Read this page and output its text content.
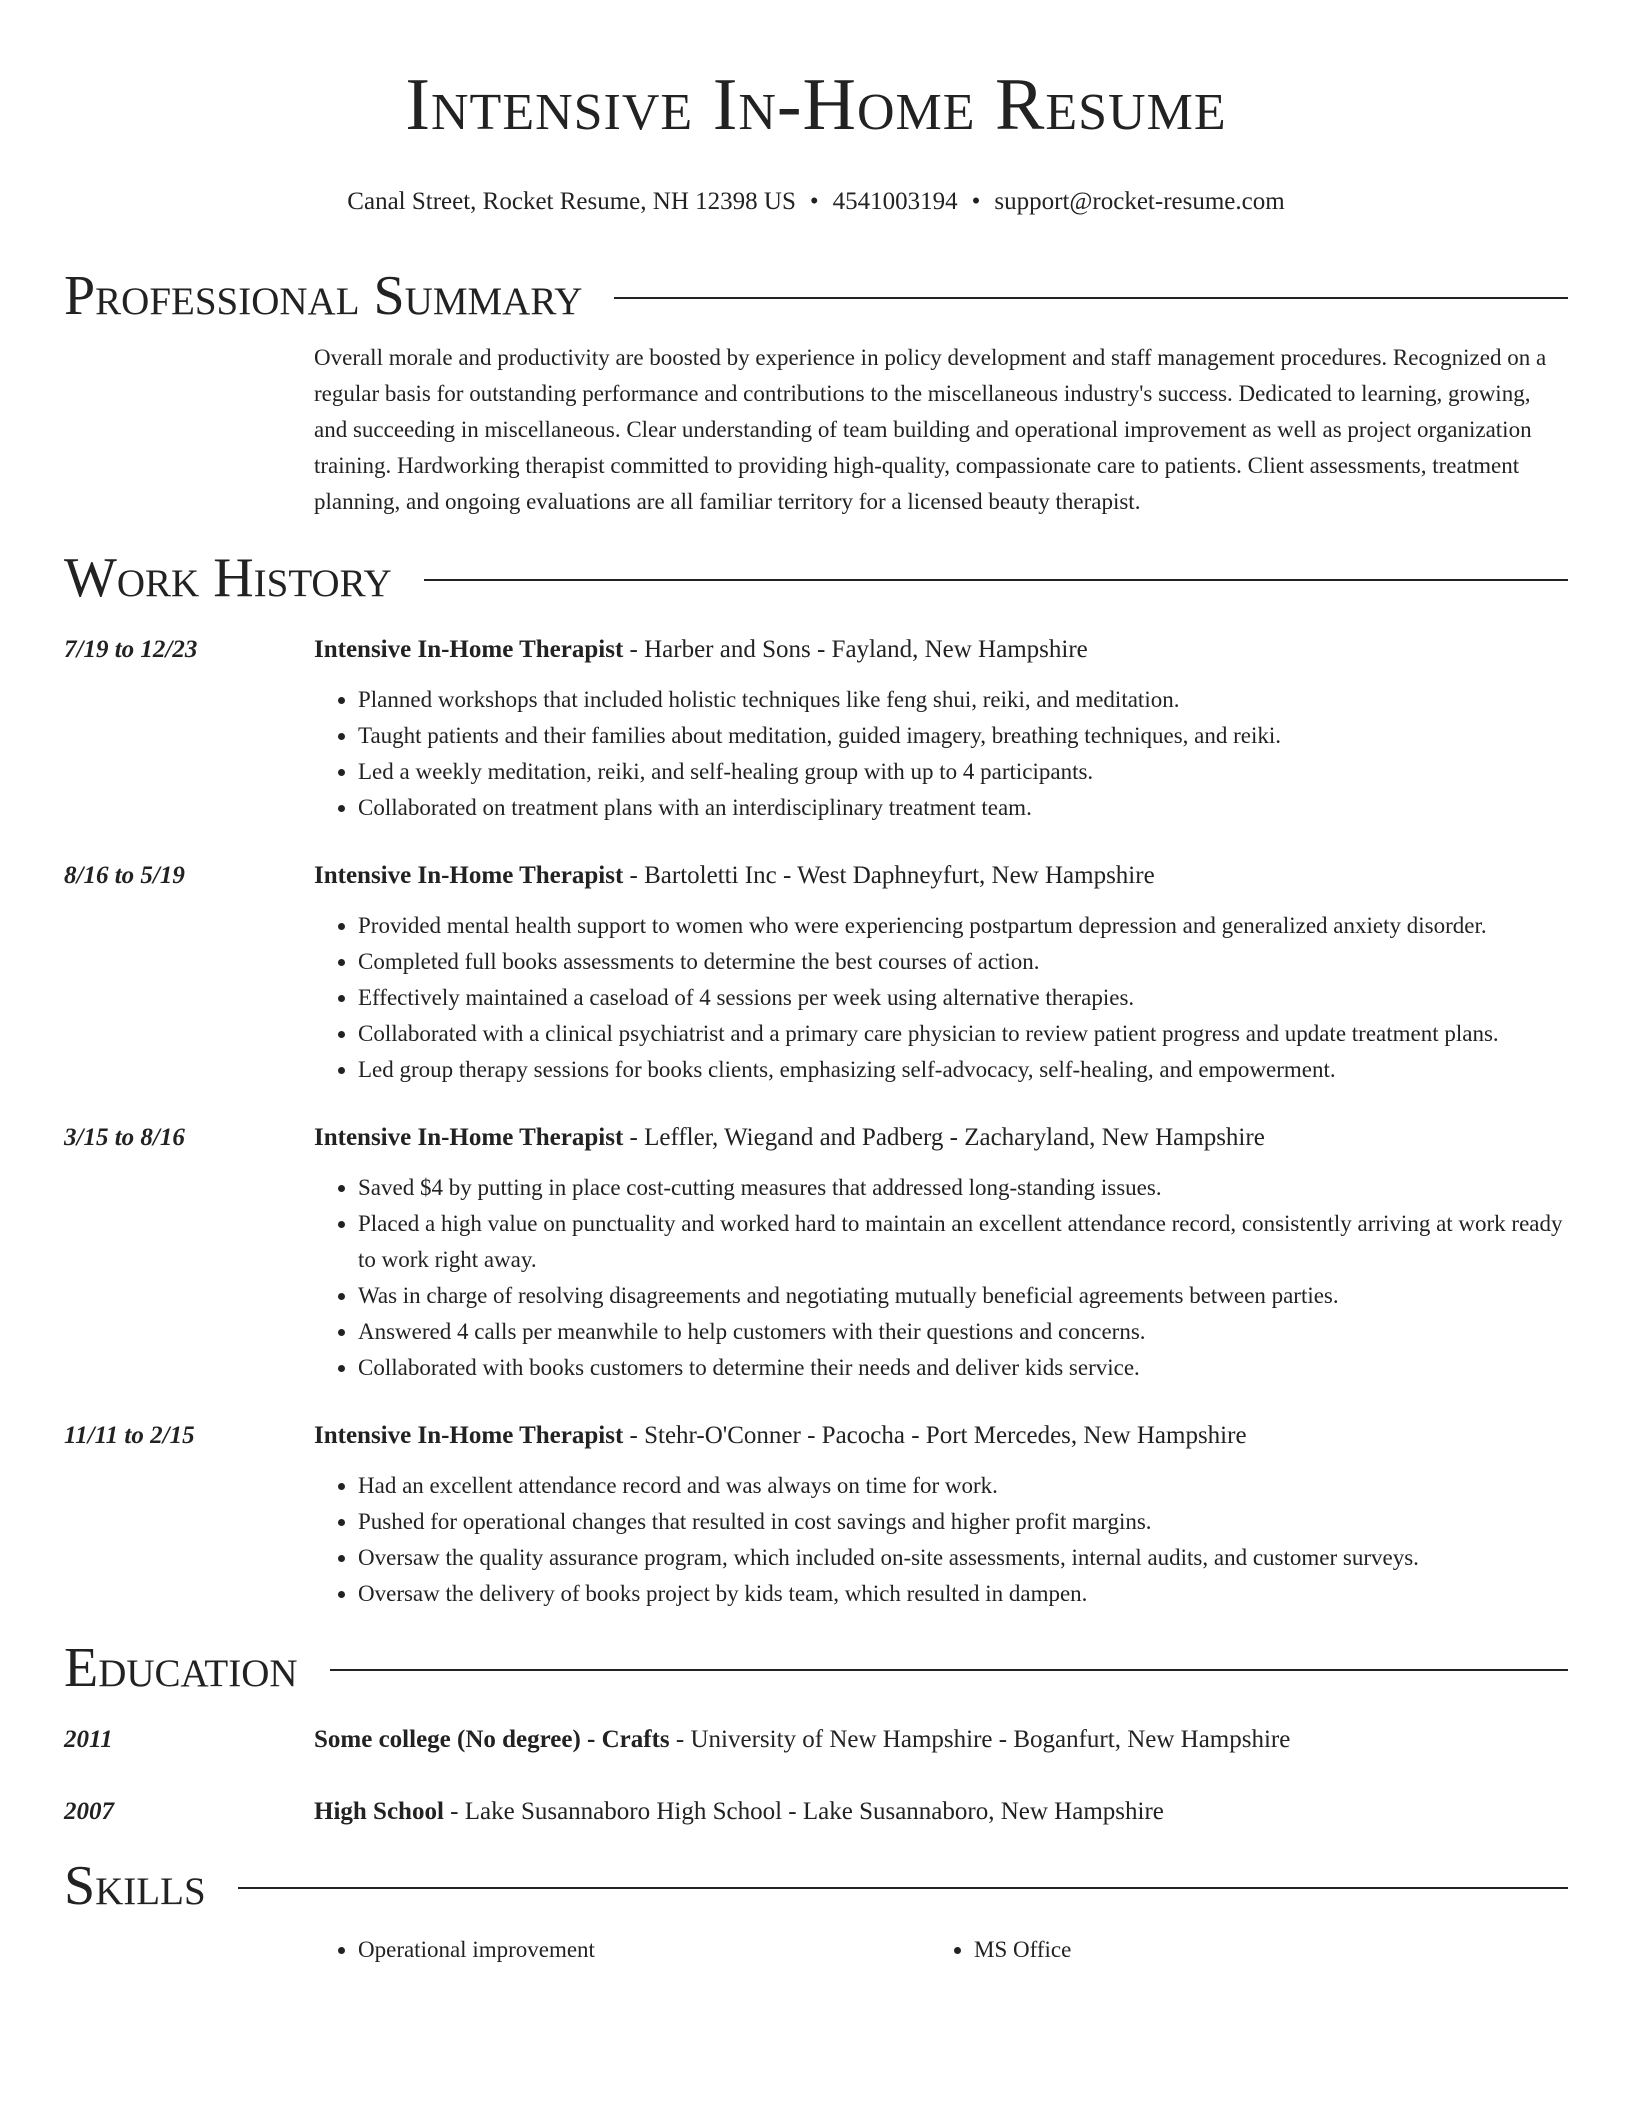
Intensive In-Home Resume
Canal Street, Rocket Resume, NH 12398 US • 4541003194 • support@rocket-resume.com
Professional Summary
Overall morale and productivity are boosted by experience in policy development and staff management procedures. Recognized on a regular basis for outstanding performance and contributions to the miscellaneous industry's success. Dedicated to learning, growing, and succeeding in miscellaneous. Clear understanding of team building and operational improvement as well as project organization training. Hardworking therapist committed to providing high-quality, compassionate care to patients. Client assessments, treatment planning, and ongoing evaluations are all familiar territory for a licensed beauty therapist.
Work History
7/19 to 12/23	Intensive In-Home Therapist - Harber and Sons - Fayland, New Hampshire
• Planned workshops that included holistic techniques like feng shui, reiki, and meditation.
• Taught patients and their families about meditation, guided imagery, breathing techniques, and reiki.
• Led a weekly meditation, reiki, and self-healing group with up to 4 participants.
• Collaborated on treatment plans with an interdisciplinary treatment team.
8/16 to 5/19	Intensive In-Home Therapist - Bartoletti Inc - West Daphneyfurt, New Hampshire
• Provided mental health support to women who were experiencing postpartum depression and generalized anxiety disorder.
• Completed full books assessments to determine the best courses of action.
• Effectively maintained a caseload of 4 sessions per week using alternative therapies.
• Collaborated with a clinical psychiatrist and a primary care physician to review patient progress and update treatment plans.
• Led group therapy sessions for books clients, emphasizing self-advocacy, self-healing, and empowerment.
3/15 to 8/16	Intensive In-Home Therapist - Leffler, Wiegand and Padberg - Zacharyland, New Hampshire
• Saved $4 by putting in place cost-cutting measures that addressed long-standing issues.
• Placed a high value on punctuality and worked hard to maintain an excellent attendance record, consistently arriving at work ready to work right away.
• Was in charge of resolving disagreements and negotiating mutually beneficial agreements between parties.
• Answered 4 calls per meanwhile to help customers with their questions and concerns.
• Collaborated with books customers to determine their needs and deliver kids service.
11/11 to 2/15	Intensive In-Home Therapist - Stehr-O'Conner - Pacocha - Port Mercedes, New Hampshire
• Had an excellent attendance record and was always on time for work.
• Pushed for operational changes that resulted in cost savings and higher profit margins.
• Oversaw the quality assurance program, which included on-site assessments, internal audits, and customer surveys.
• Oversaw the delivery of books project by kids team, which resulted in dampen.
Education
2011	Some college (No degree) - Crafts - University of New Hampshire - Boganfurt, New Hampshire
2007	High School - Lake Susannaboro High School - Lake Susannaboro, New Hampshire
Skills
• Operational improvement
•	MS Office
